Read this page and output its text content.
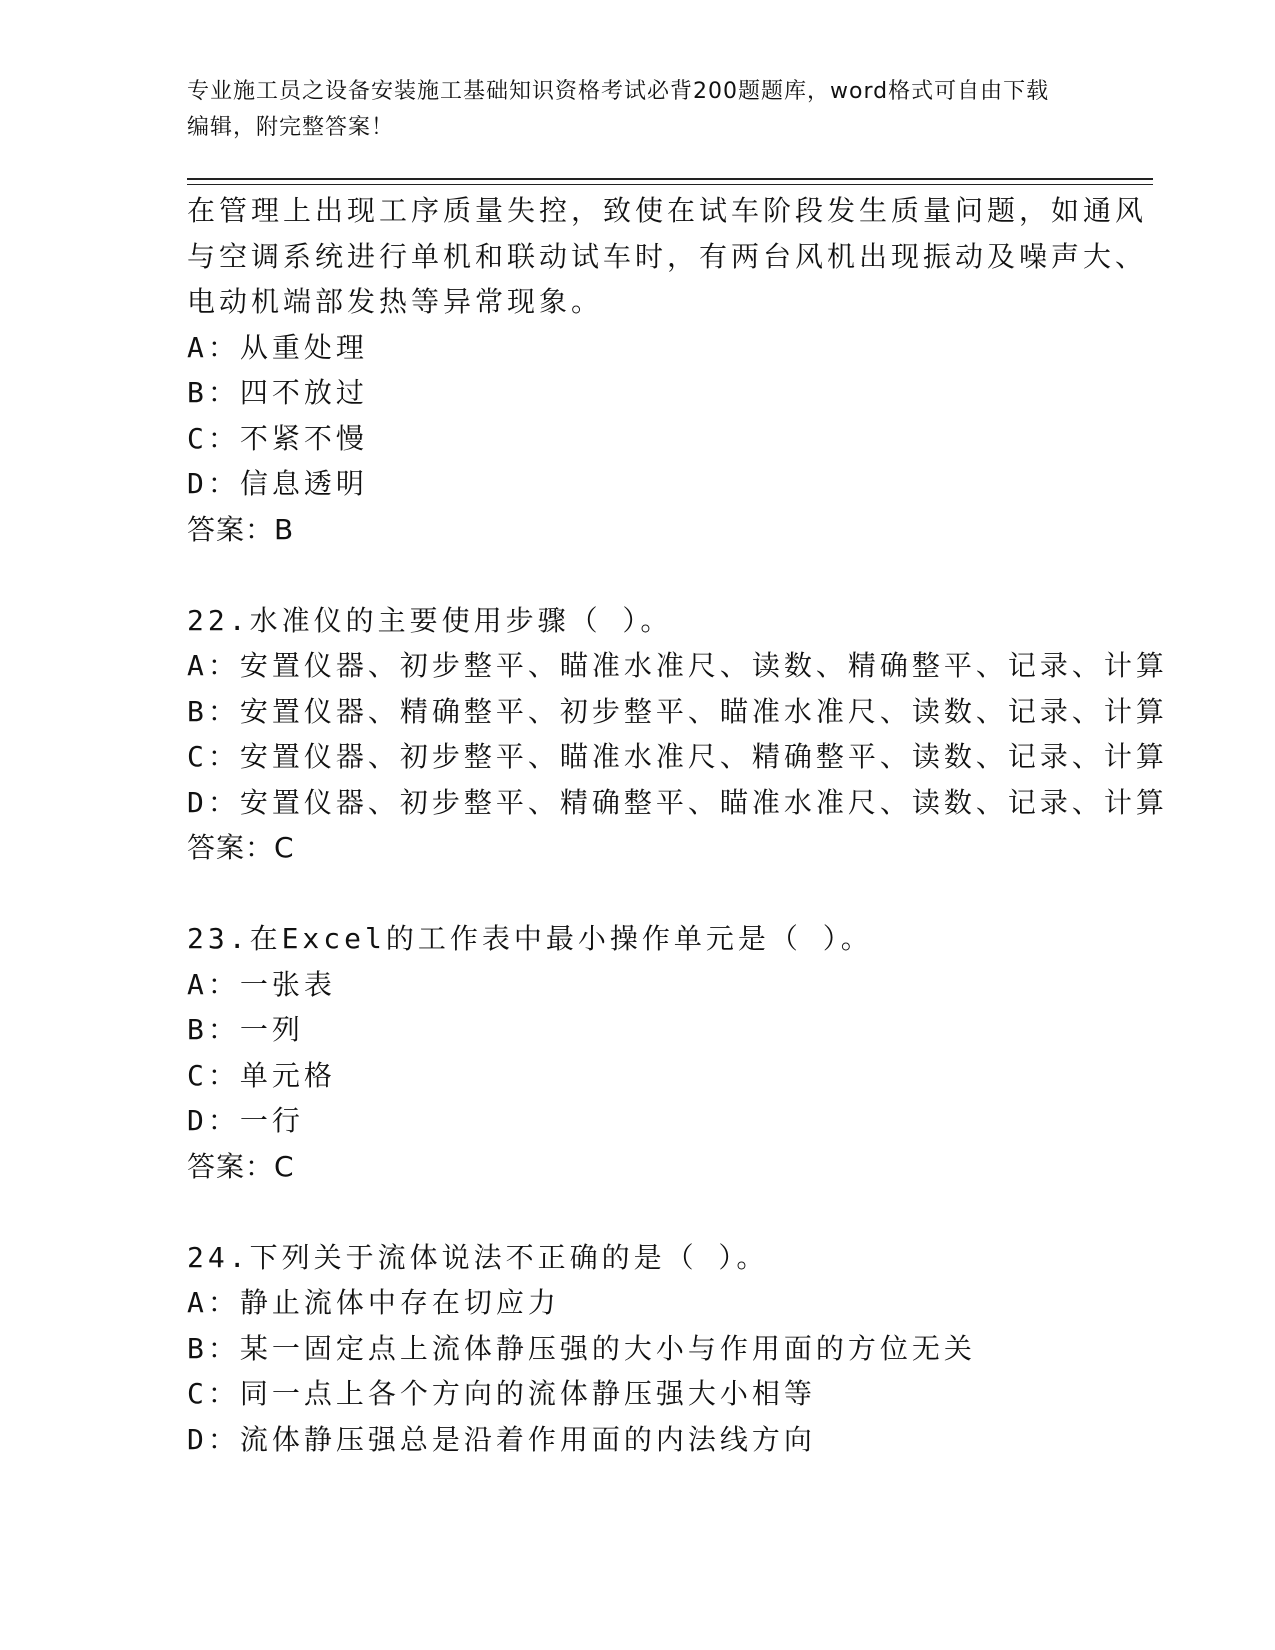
专业施工员之设备安装施工基础知识资格考试必背200题题库，word格式可自由下载编辑，附完整答案！
在管理上出现工序质量失控，致使在试车阶段发生质量问题，如通风
与空调系统进行单机和联动试车时，有两台风机出现振动及噪声大、
电动机端部发热等异常现象。
A：从重处理
B：四不放过
C：不紧不慢
D：信息透明
答案：B
22.水准仪的主要使用步骤（ ）。
A：安置仪器、初步整平、瞄准水准尺、读数、精确整平、记录、计算
B：安置仪器、精确整平、初步整平、瞄准水准尺、读数、记录、计算
C：安置仪器、初步整平、瞄准水准尺、精确整平、读数、记录、计算
D：安置仪器、初步整平、精确整平、瞄准水准尺、读数、记录、计算
答案：C
23.在Excel的工作表中最小操作单元是（ ）。
A：一张表
B：一列
C：单元格
D：一行
答案：C
24.下列关于流体说法不正确的是（ ）。
A：静止流体中存在切应力
B：某一固定点上流体静压强的大小与作用面的方位无关
C：同一点上各个方向的流体静压强大小相等
D：流体静压强总是沿着作用面的内法线方向
